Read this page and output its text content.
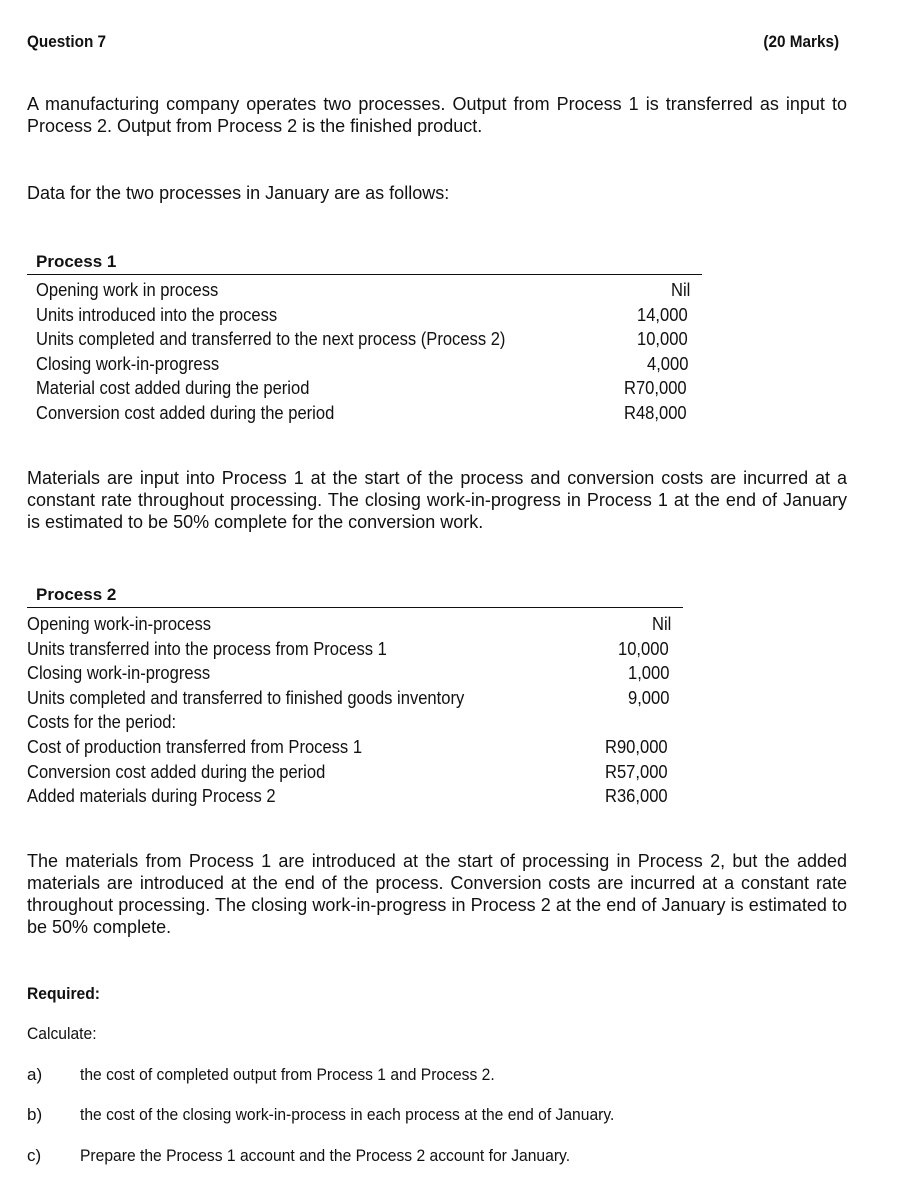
Question 7	(20 Marks)
A manufacturing company operates two processes. Output from Process 1 is transferred as input to Process 2. Output from Process 2 is the finished product.
Data for the two processes in January are as follows:
Process 1
Opening work in process	Nil
Units introduced into the process	14,000
Units completed and transferred to the next process (Process 2)	10,000
Closing work-in-progress	4,000
Material cost added during the period	R70,000
Conversion cost added during the period	R48,000
Materials are input into Process 1 at the start of the process and conversion costs are incurred at a constant rate throughout processing. The closing work-in-progress in Process 1 at the end of January is estimated to be 50% complete for the conversion work.
Process 2
Opening work-in-process	Nil
Units transferred into the process from Process 1	10,000
Closing work-in-progress	1,000
Units completed and transferred to finished goods inventory	9,000
Costs for the period:
Cost of production transferred from Process 1	R90,000
Conversion cost added during the period	R57,000
Added materials during Process 2	R36,000
The materials from Process 1 are introduced at the start of processing in Process 2, but the added materials are introduced at the end of the process. Conversion costs are incurred at a constant rate throughout processing. The closing work-in-progress in Process 2 at the end of January is estimated to be 50% complete.
Required:
Calculate:
a)	the cost of completed output from Process 1 and Process 2.
b)	the cost of the closing work-in-process in each process at the end of January.
c)	Prepare the Process 1 account and the Process 2 account for January.
